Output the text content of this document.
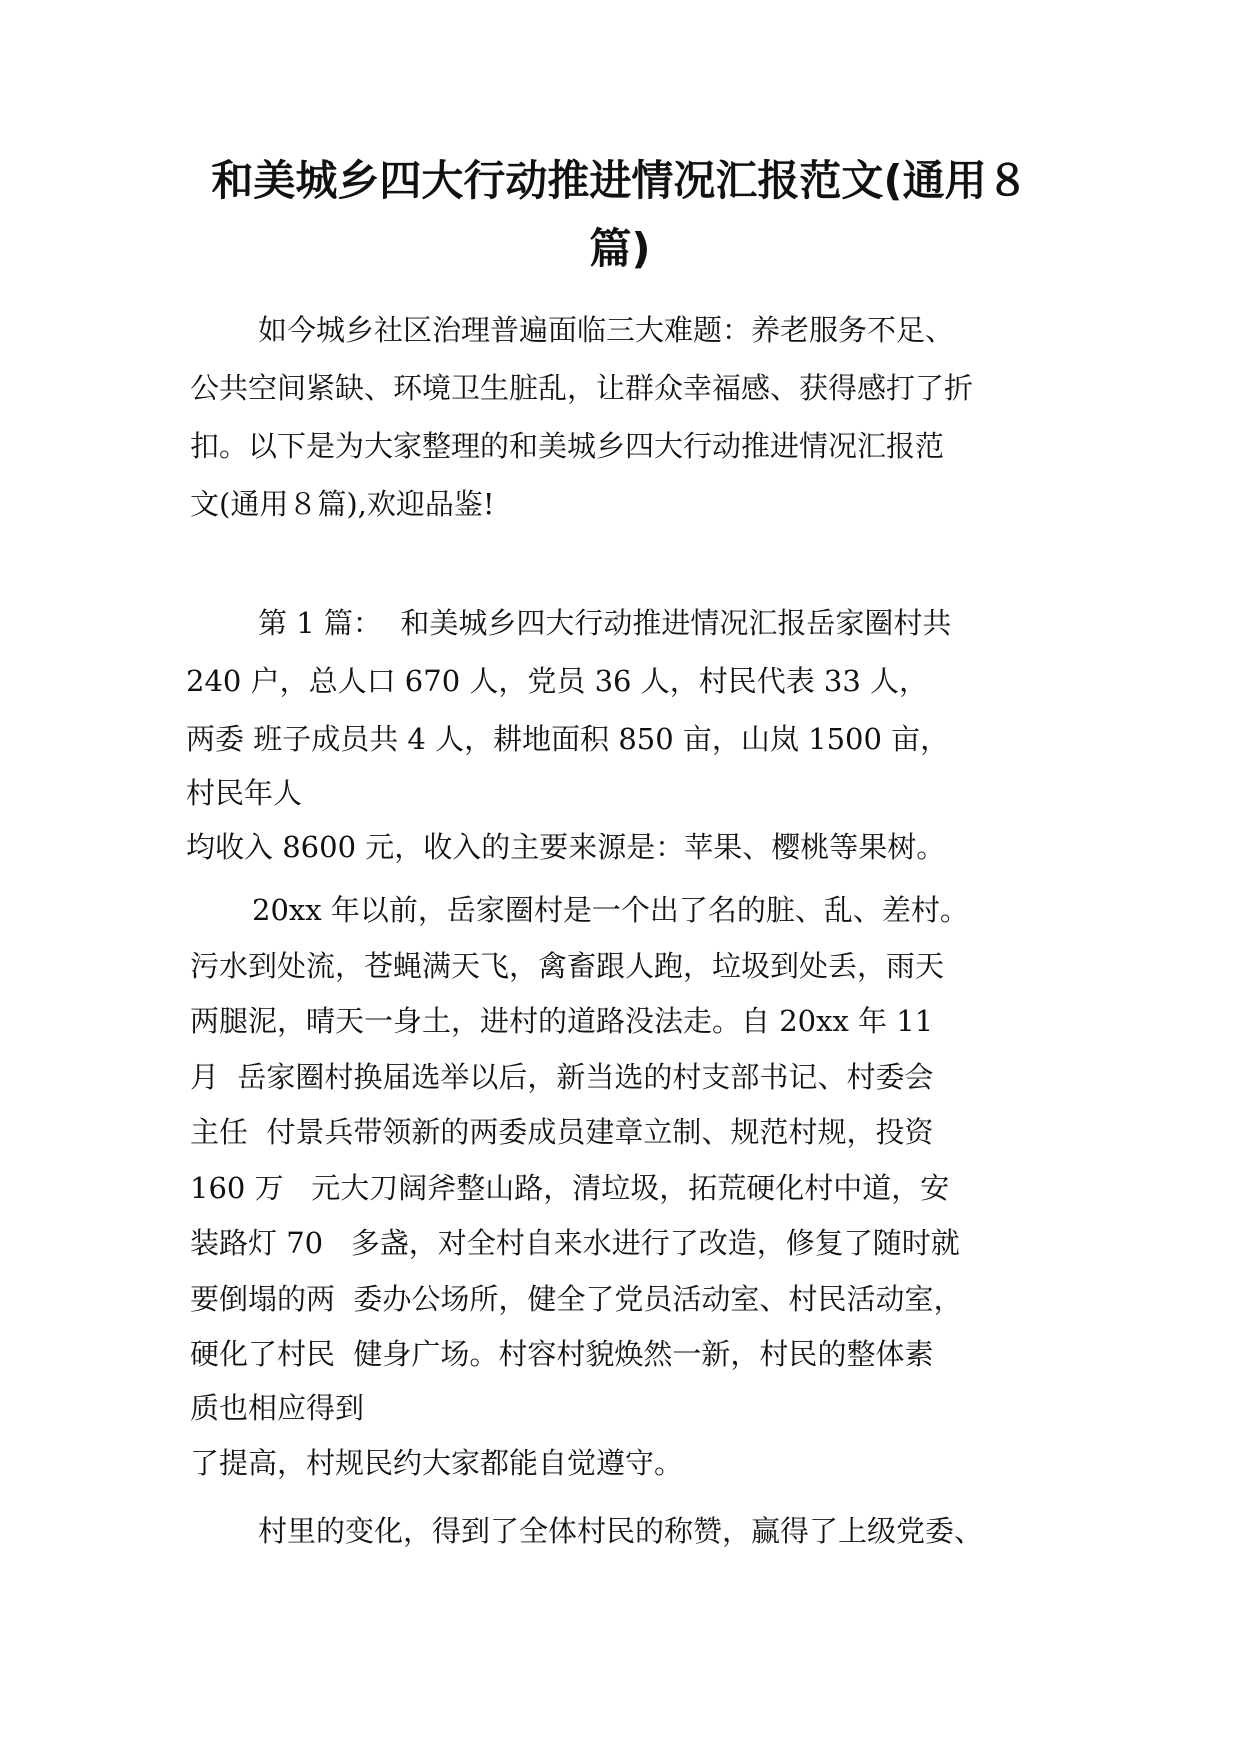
和美城乡四大行动推进情况汇报范文(通用８
篇)

如今城乡社区治理普遍面临三大难题：养老服务不足、

公共空间紧缺、环境卫生脏乱，让群众幸福感、获得感打了折

扣。以下是为大家整理的和美城乡四大行动推进情况汇报范

文(通用８篇),欢迎品鉴!

第 1 篇：  和美城乡四大行动推进情况汇报岳家圈村共

240 户，总人口 670 人，党员 36 人，村民代表 33 人，

两委 班子成员共 4 人，耕地面积 850 亩，山岚 1500 亩，

村民年人

均收入 8600 元，收入的主要来源是：苹果、樱桃等果树。

20xx 年以前，岳家圈村是一个出了名的脏、乱、差村。

污水到处流，苍蝇满天飞，禽畜跟人跑，垃圾到处丢，雨天

两腿泥，晴天一身土，进村的道路没法走。自 20xx 年 11

月  岳家圈村换届选举以后，新当选的村支部书记、村委会

主任  付景兵带领新的两委成员建章立制、规范村规，投资

160 万   元大刀阔斧整山路，清垃圾，拓荒硬化村中道，安

装路灯 70   多盏，对全村自来水进行了改造，修复了随时就

要倒塌的两  委办公场所，健全了党员活动室、村民活动室，

硬化了村民  健身广场。村容村貌焕然一新，村民的整体素

质也相应得到

了提高，村规民约大家都能自觉遵守。

村里的变化，得到了全体村民的称赞，赢得了上级党委、
